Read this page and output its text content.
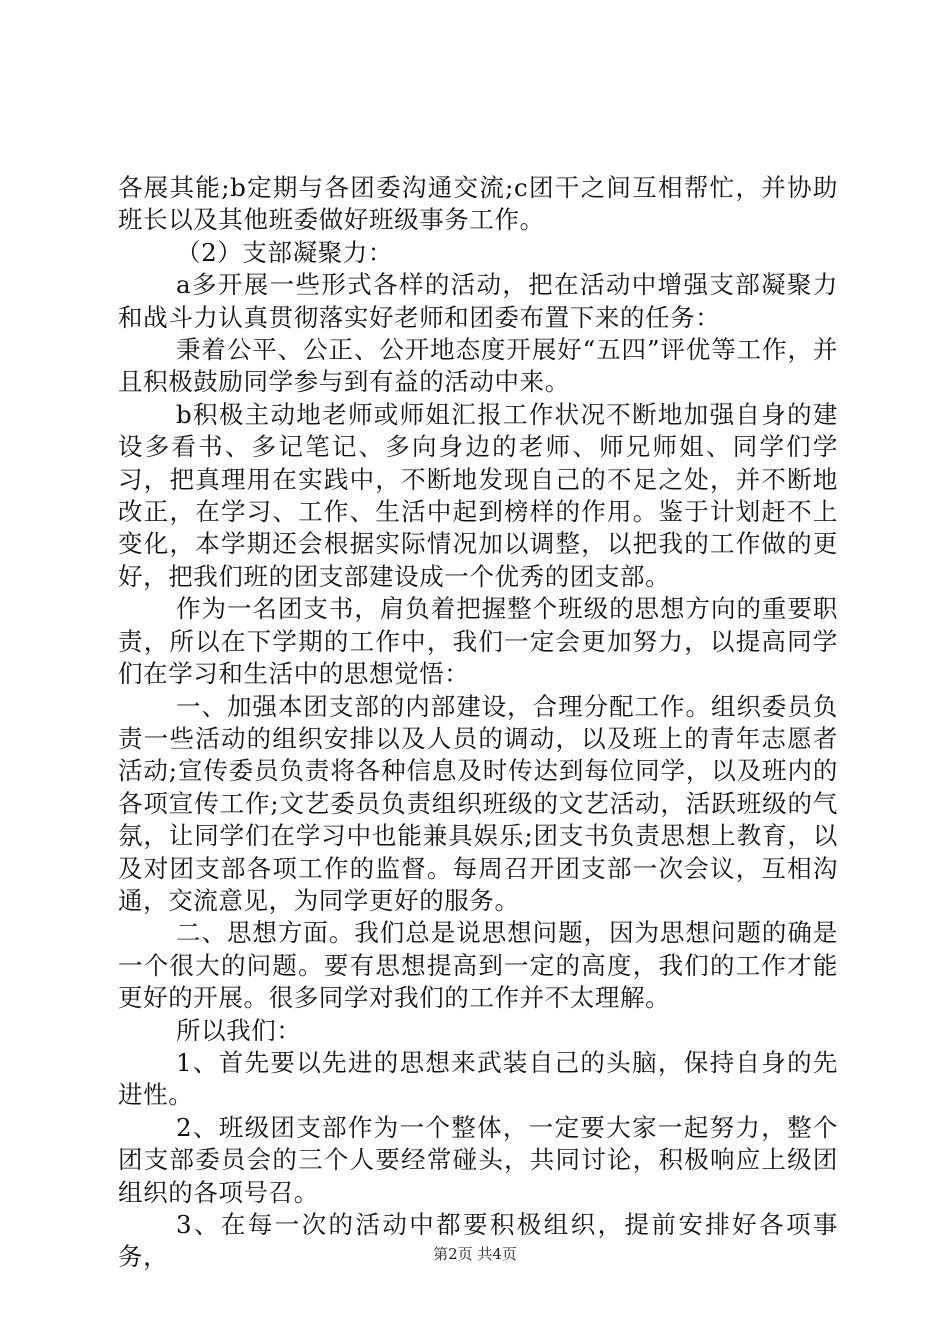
各展其能;b定期与各团委沟通交流;c团干之间互相帮忙，并协助班长以及其他班委做好班级事务工作。

（2）支部凝聚力：

a多开展一些形式各样的活动，把在活动中增强支部凝聚力和战斗力认真贯彻落实好老师和团委布置下来的任务：

秉着公平、公正、公开地态度开展好“五四”评优等工作，并且积极鼓励同学参与到有益的活动中来。

b积极主动地老师或师姐汇报工作状况不断地加强自身的建设多看书、多记笔记、多向身边的老师、师兄师姐、同学们学习，把真理用在实践中，不断地发现自己的不足之处，并不断地改正，在学习、工作、生活中起到榜样的作用。鉴于计划赶不上变化，本学期还会根据实际情况加以调整，以把我的工作做的更好，把我们班的团支部建设成一个优秀的团支部。

作为一名团支书，肩负着把握整个班级的思想方向的重要职责，所以在下学期的工作中，我们一定会更加努力，以提高同学们在学习和生活中的思想觉悟：

一、加强本团支部的内部建设，合理分配工作。组织委员负责一些活动的组织安排以及人员的调动，以及班上的青年志愿者活动;宣传委员负责将各种信息及时传达到每位同学，以及班内的各项宣传工作;文艺委员负责组织班级的文艺活动，活跃班级的气氛，让同学们在学习中也能兼具娱乐;团支书负责思想上教育，以及对团支部各项工作的监督。每周召开团支部一次会议，互相沟通，交流意见，为同学更好的服务。

二、思想方面。我们总是说思想问题，因为思想问题的确是一个很大的问题。要有思想提高到一定的高度，我们的工作才能更好的开展。很多同学对我们的工作并不太理解。

所以我们：

1、首先要以先进的思想来武装自己的头脑，保持自身的先进性。

2、班级团支部作为一个整体，一定要大家一起努力，整个团支部委员会的三个人要经常碰头，共同讨论，积极响应上级团组织的各项号召。

3、在每一次的活动中都要积极组织，提前安排好各项事务，	第2页 共4页
